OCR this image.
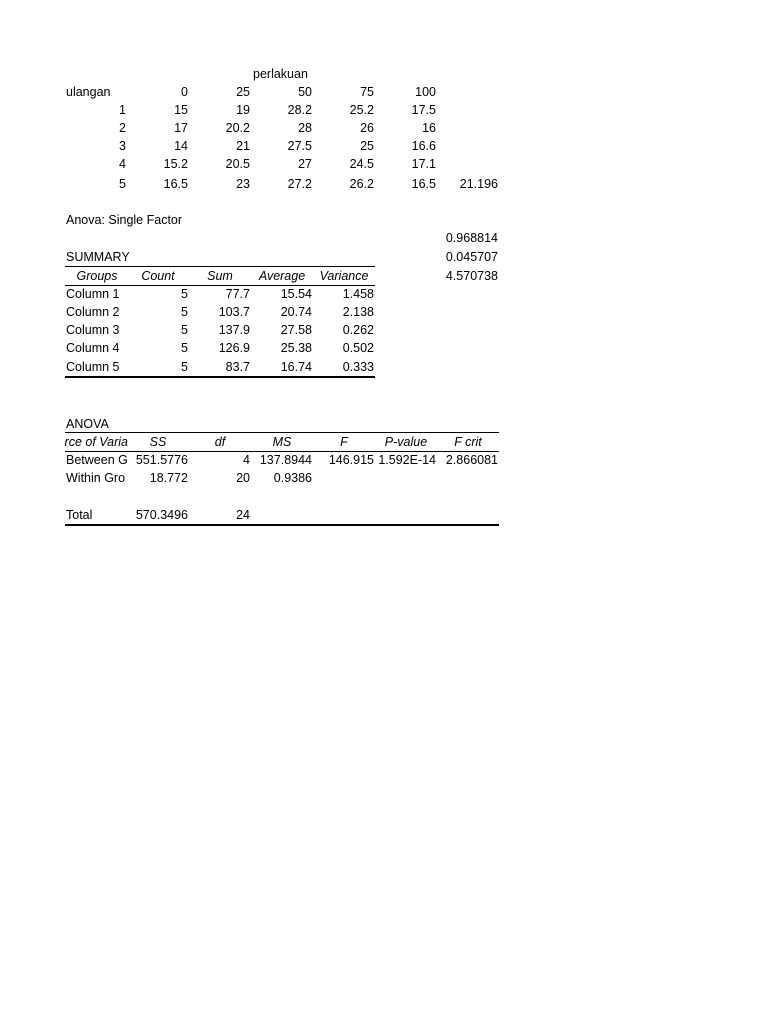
perlakuan
ulangan	0	25	50	75	100
1	15	19	28.2	25.2	17.5
2	17	20.2	28	26	16
3	14	21	27.5	25	16.6
4	15.2	20.5	27	24.5	17.1
5	16.5	23	27.2	26.2	16.5	21.196
Anova: Single Factor
0.968814
0.045707
4.570738
SUMMARY
Groups	Count	Sum	Average	Variance
Column 1	5	77.7	15.54	1.458
Column 2	5	103.7	20.74	2.138
Column 3	5	137.9	27.58	0.262
Column 4	5	126.9	25.38	0.502
Column 5	5	83.7	16.74	0.333
ANOVA
rce of Varia	SS	df	MS	F	P-value	F crit
Between G 551.5776	4 137.8944	146.915 1.592E-14 2.866081
Within Gro	18.772	20	0.9386
Total	570.3496	24
